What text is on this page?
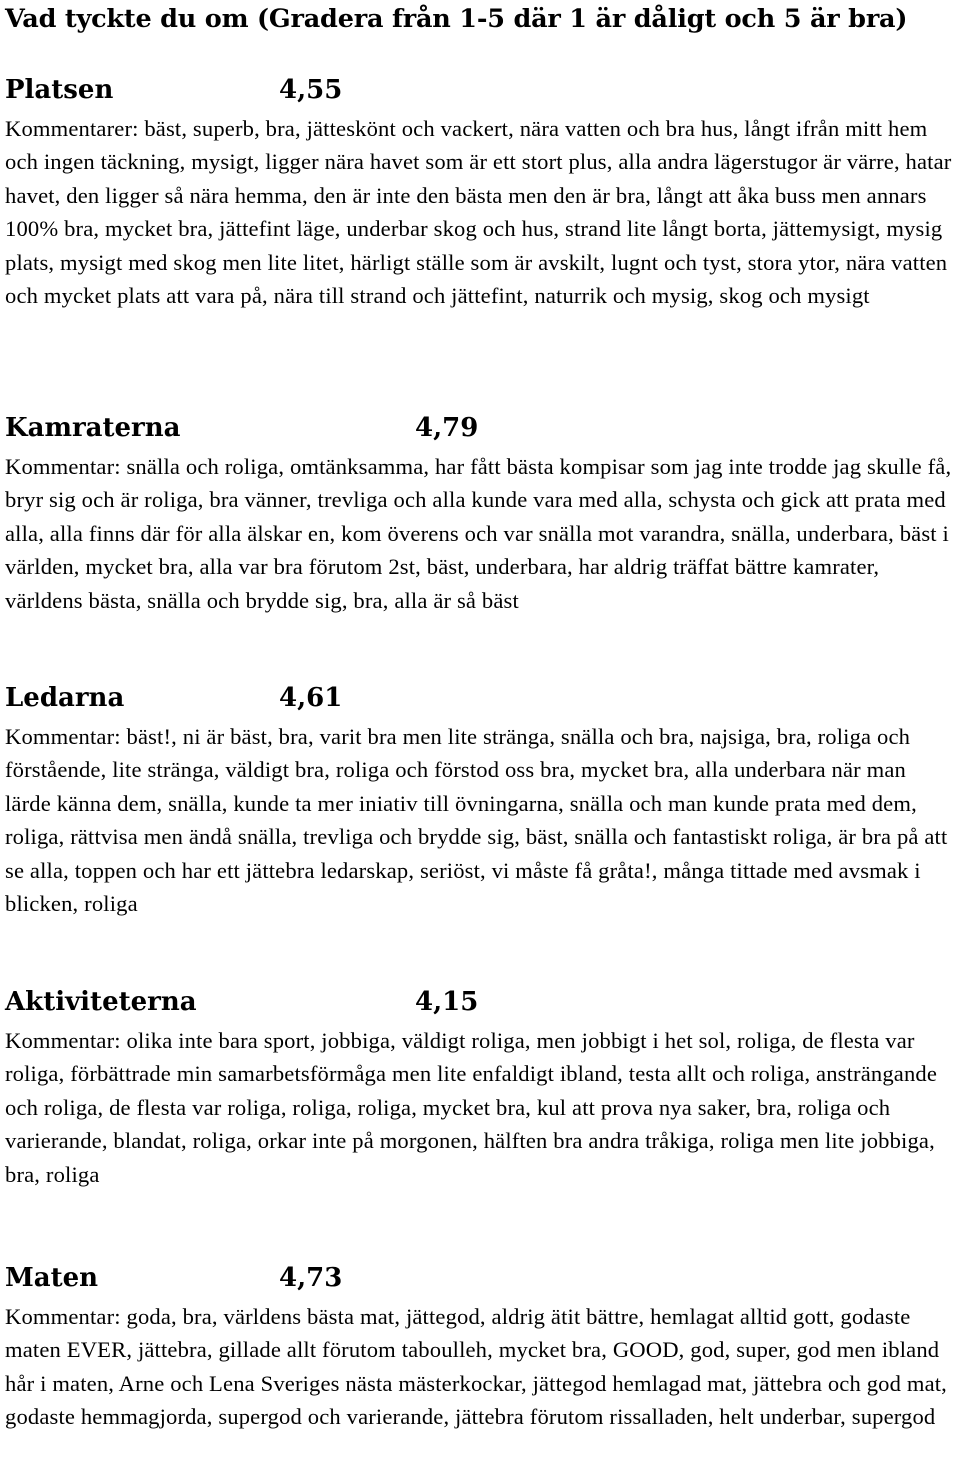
Vad tyckte du om (Gradera från 1-5 där 1 är dåligt och 5 är bra)
Platsen	4,55

Kommentarer: bäst, superb, bra, jätteskönt och vackert, nära vatten och bra hus, långt ifrån mitt hem och ingen täckning, mysigt, ligger nära havet som är ett stort plus, alla andra lägerstugor är värre, hatar havet, den ligger så nära hemma, den är inte den bästa men den är bra, långt att åka buss men annars 100% bra, mycket bra, jättefint läge, underbar skog och hus, strand lite långt borta, jättemysigt, mysig plats, mysigt med skog men lite litet, härligt ställe som är avskilt, lugnt och tyst, stora ytor, nära vatten och mycket plats att vara på, nära till strand och jättefint, naturrik och mysig, skog och mysigt

Kamraterna	4,79

Kommentar: snälla och roliga, omtänksamma, har fått bästa kompisar som jag inte trodde jag skulle få, bryr sig och är roliga, bra vänner, trevliga och alla kunde vara med alla, schysta och gick att prata med alla, alla finns där för alla älskar en, kom överens och var snälla mot varandra, snälla, underbara, bäst i världen, mycket bra, alla var bra förutom 2st, bäst, underbara, har aldrig träffat bättre kamrater, världens bästa, snälla och brydde sig, bra, alla är så bäst

Ledarna	4,61

Kommentar: bäst!, ni är bäst, bra, varit bra men lite stränga, snälla och bra, najsiga, bra, roliga och förstående, lite stränga, väldigt bra, roliga och förstod oss bra, mycket bra, alla underbara när man lärde känna dem, snälla, kunde ta mer iniativ till övningarna, snälla och man kunde prata med dem, roliga, rättvisa men ändå snälla, trevliga och brydde sig, bäst, snälla och fantastiskt roliga, är bra på att se alla, toppen och har ett jättebra ledarskap, seriöst, vi måste få gråta!, många tittade med avsmak i blicken, roliga

Aktiviteterna	4,15

Kommentar: olika inte bara sport, jobbiga, väldigt roliga, men jobbigt i het sol, roliga, de flesta var roliga, förbättrade min samarbetsförmåga men lite enfaldigt ibland, testa allt och roliga, ansträngande och roliga, de flesta var roliga, roliga, roliga, mycket bra, kul att prova nya saker, bra, roliga och varierande, blandat, roliga, orkar inte på morgonen, hälften bra andra tråkiga, roliga men lite jobbiga, bra, roliga

Maten	4,73

Kommentar: goda, bra, världens bästa mat, jättegod, aldrig ätit bättre, hemlagat alltid gott, godaste maten EVER, jättebra, gillade allt förutom taboulleh, mycket bra, GOOD, god, super, god men ibland hår i maten, Arne och Lena Sveriges nästa mästerkockar, jättegod hemlagad mat, jättebra och god mat, godaste hemmagjorda, supergod och varierande, jättebra förutom rissalladen, helt underbar, supergod
